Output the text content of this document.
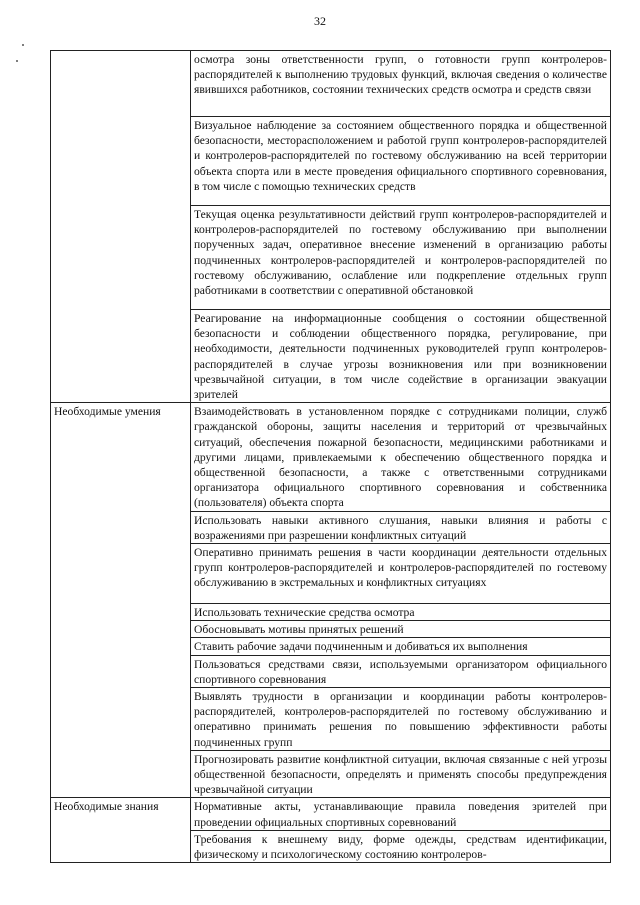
32
	осмотра зоны ответственности групп, о готовности групп контролеров-распорядителей к выполнению трудовых функций, включая сведения о количестве явившихся работников, состоянии технических средств осмотра и средств связи
	Визуальное наблюдение за состоянием общественного порядка и общественной безопасности, месторасположением и работой групп контролеров-распорядителей и контролеров-распорядителей по гостевому обслуживанию на всей территории объекта спорта или в месте проведения официального спортивного соревнования, в том числе с помощью технических средств
	Текущая оценка результативности действий групп контролеров-распорядителей и контролеров-распорядителей по гостевому обслуживанию при выполнении порученных задач, оперативное внесение изменений в организацию работы подчиненных контролеров-распорядителей и контролеров-распорядителей по гостевому обслуживанию, ослабление или подкрепление отдельных групп работниками в соответствии с оперативной обстановкой
	Реагирование на информационные сообщения о состоянии общественной безопасности и соблюдении общественного порядка, регулирование, при необходимости, деятельности подчиненных руководителей групп контролеров-распорядителей в случае угрозы возникновения или при возникновении чрезвычайной ситуации, в том числе содействие в организации эвакуации зрителей
Необходимые умения	Взаимодействовать в установленном порядке с сотрудниками полиции, служб гражданской обороны, защиты населения и территорий от чрезвычайных ситуаций, обеспечения пожарной безопасности, медицинскими работниками и другими лицами, привлекаемыми к обеспечению общественного порядка и общественной безопасности, а также с ответственными сотрудниками организатора официального спортивного соревнования и собственника (пользователя) объекта спорта
	Использовать навыки активного слушания, навыки влияния и работы с возражениями при разрешении конфликтных ситуаций
	Оперативно принимать решения в части координации деятельности отдельных групп контролеров-распорядителей и контролеров-распорядителей по гостевому обслуживанию в экстремальных и конфликтных ситуациях
	Использовать технические средства осмотра
	Обосновывать мотивы принятых решений
	Ставить рабочие задачи подчиненным и добиваться их выполнения
	Пользоваться средствами связи, используемыми организатором официального спортивного соревнования
	Выявлять трудности в организации и координации работы контролеров-распорядителей, контролеров-распорядителей по гостевому обслуживанию и оперативно принимать решения по повышению эффективности работы подчиненных групп
	Прогнозировать развитие конфликтной ситуации, включая связанные с ней угрозы общественной безопасности, определять и применять способы предупреждения чрезвычайной ситуации
Необходимые знания	Нормативные акты, устанавливающие правила поведения зрителей при проведении официальных спортивных соревнований
	Требования к внешнему виду, форме одежды, средствам идентификации, физическому и психологическому состоянию контролеров-
